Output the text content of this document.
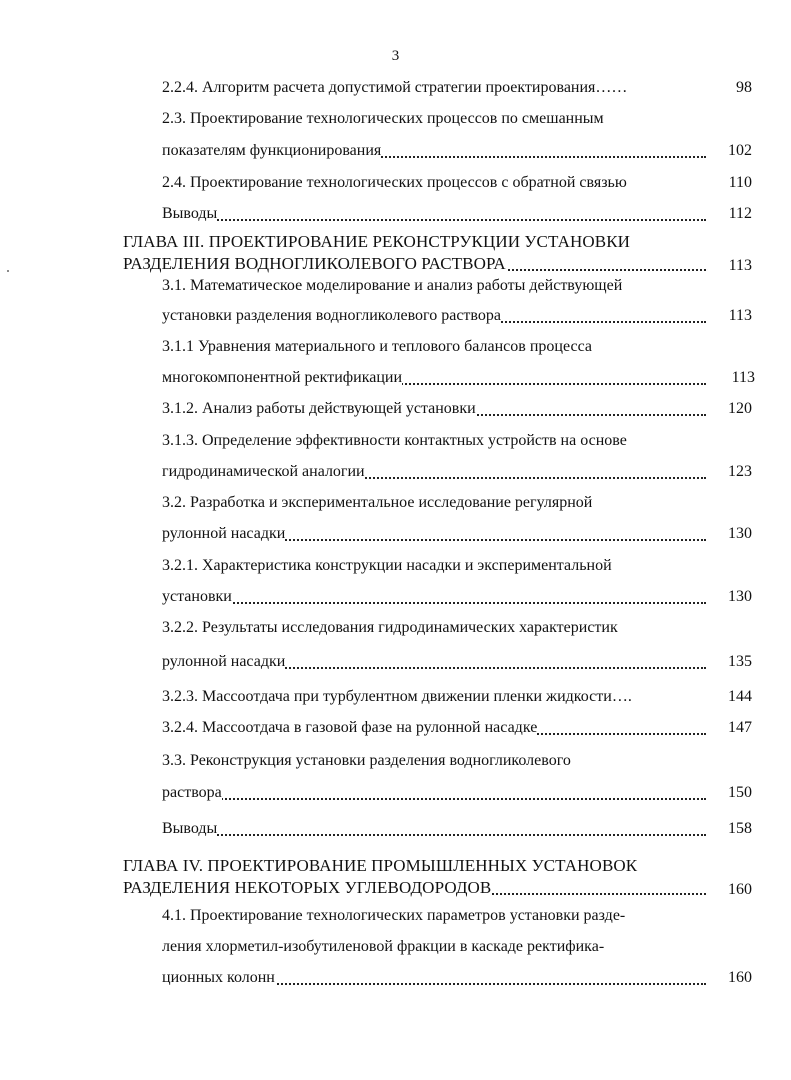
3
2.2.4. Алгоритм расчета допустимой стратегии проектирования……	98
2.3. Проектирование технологических процессов по смешанным
показателям функционирования	102
2.4. Проектирование технологических процессов с обратной связью	110
Выводы	112
ГЛАВА III. ПРОЕКТИРОВАНИЕ РЕКОНСТРУКЦИИ УСТАНОВКИ
РАЗДЕЛЕНИЯ ВОДНОГЛИКОЛЕВОГО РАСТВОРА	113
3.1. Математическое моделирование и анализ работы действующей
установки разделения водногликолевого раствора	113
3.1.1 Уравнения материального и теплового балансов процесса
многокомпонентной ректификации	113
3.1.2. Анализ работы действующей установки	120
3.1.3. Определение эффективности контактных устройств на основе
гидродинамической аналогии	123
3.2. Разработка и экспериментальное исследование регулярной
рулонной насадки	130
3.2.1. Характеристика конструкции насадки и экспериментальной
установки	130
3.2.2. Результаты исследования гидродинамических характеристик
рулонной насадки	135
3.2.3. Массоотдача при турбулентном движении пленки жидкости….	144
3.2.4. Массоотдача в газовой фазе на рулонной насадке	147
3.3. Реконструкция установки разделения водногликолевого
раствора	150
Выводы	158
ГЛАВА IV. ПРОЕКТИРОВАНИЕ ПРОМЫШЛЕННЫХ УСТАНОВОК
РАЗДЕЛЕНИЯ НЕКОТОРЫХ УГЛЕВОДОРОДОВ	160
4.1. Проектирование технологических параметров установки разде-
ления хлорметил-изобутиленовой фракции в каскаде ректифика-
ционных колонн	160
